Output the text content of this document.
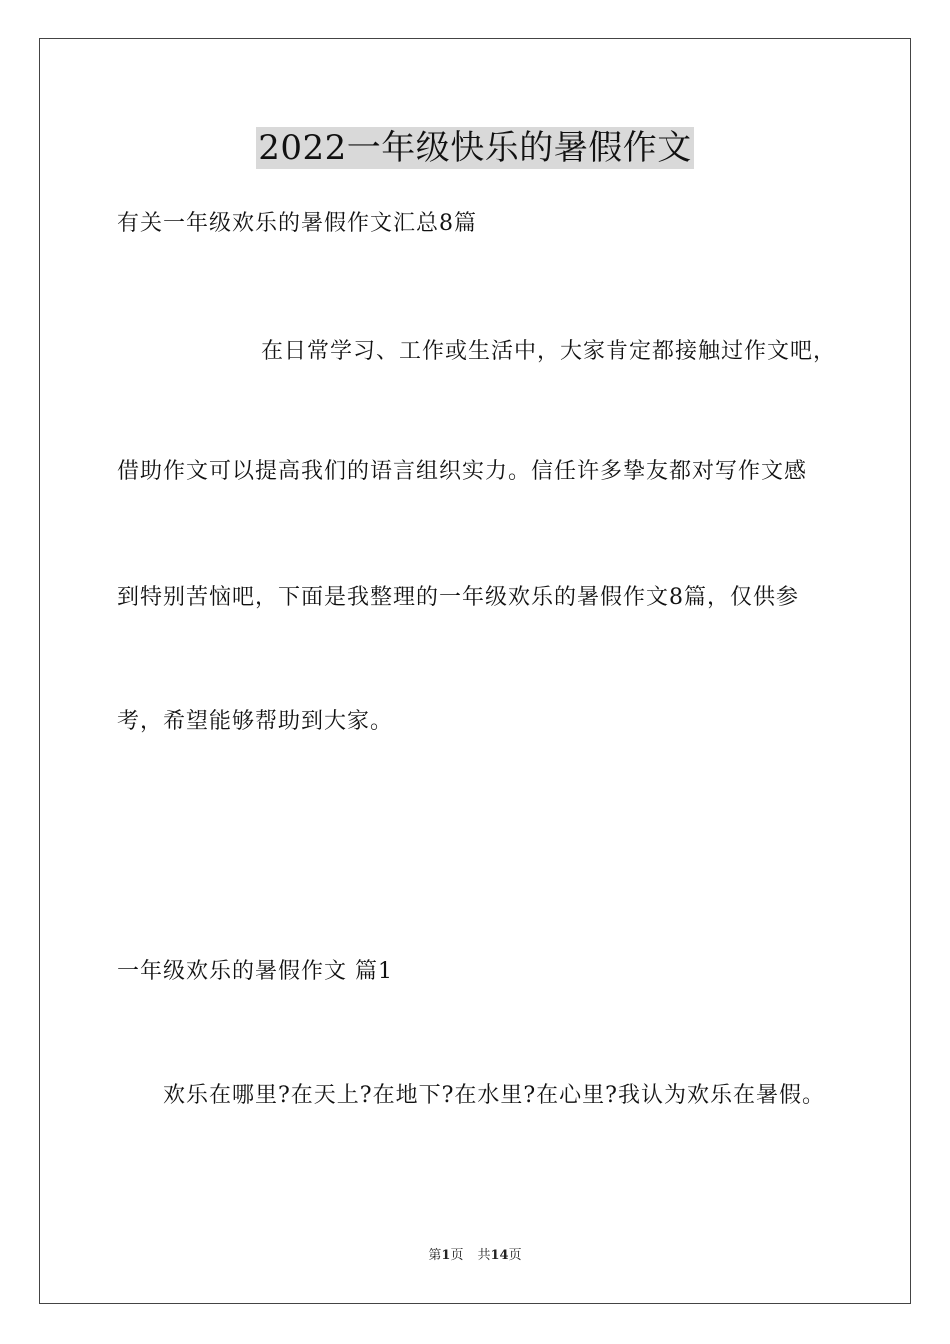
2022一年级快乐的暑假作文
有关一年级欢乐的暑假作文汇总8篇
在日常学习、工作或生活中，大家肯定都接触过作文吧，
借助作文可以提高我们的语言组织实力。信任许多挚友都对写作文感
到特别苦恼吧，下面是我整理的一年级欢乐的暑假作文8篇，仅供参
考，希望能够帮助到大家。
一年级欢乐的暑假作文 篇1
欢乐在哪里?在天上?在地下?在水里?在心里?我认为欢乐在暑假。
第1页 共14页
